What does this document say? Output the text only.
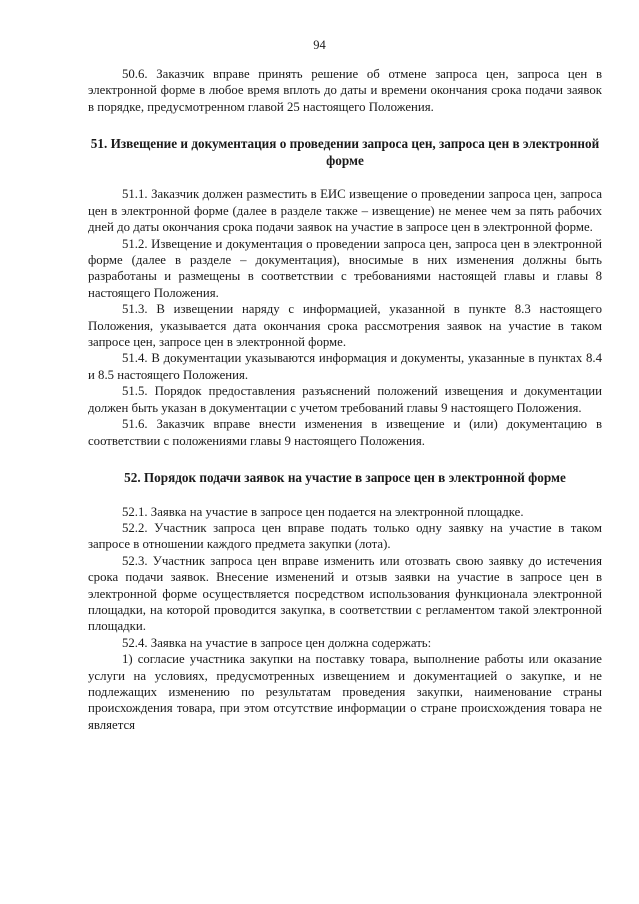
94

50.6. Заказчик вправе принять решение об отмене запроса цен, запроса цен в электронной форме в любое время вплоть до даты и времени окончания срока подачи заявок в порядке, предусмотренном главой 25 настоящего Положения.

51. Извещение и документация о проведении запроса цен, запроса цен в электронной форме

51.1. Заказчик должен разместить в ЕИС извещение о проведении запроса цен, запроса цен в электронной форме (далее в разделе также – извещение) не менее чем за пять рабочих дней до даты окончания срока подачи заявок на участие в запросе цен в электронной форме.

51.2. Извещение и документация о проведении запроса цен, запроса цен в электронной форме (далее в разделе – документация), вносимые в них изменения должны быть разработаны и размещены в соответствии с требованиями настоящей главы и главы 8 настоящего Положения.

51.3. В извещении наряду с информацией, указанной в пункте 8.3 настоящего Положения, указывается дата окончания срока рассмотрения заявок на участие в таком запросе цен, запросе цен в электронной форме.

51.4. В документации указываются информация и документы, указанные в пунктах 8.4 и 8.5 настоящего Положения.

51.5. Порядок предоставления разъяснений положений извещения и документации должен быть указан в документации с учетом требований главы 9 настоящего Положения.

51.6. Заказчик вправе внести изменения в извещение и (или) документацию в соответствии с положениями главы 9 настоящего Положения.

52. Порядок подачи заявок на участие в запросе цен в электронной форме

52.1. Заявка на участие в запросе цен подается на электронной площадке.

52.2. Участник запроса цен вправе подать только одну заявку на участие в таком запросе в отношении каждого предмета закупки (лота).

52.3. Участник запроса цен вправе изменить или отозвать свою заявку до истечения срока подачи заявок. Внесение изменений и отзыв заявки на участие в запросе цен в электронной форме осуществляется посредством использования функционала электронной площадки, на которой проводится закупка, в соответствии с регламентом такой электронной площадки.

52.4. Заявка на участие в запросе цен должна содержать:

1) согласие участника закупки на поставку товара, выполнение работы или оказание услуги на условиях, предусмотренных извещением и документацией о закупке, и не подлежащих изменению по результатам проведения закупки, наименование страны происхождения товара, при этом отсутствие информации о стране происхождения товара не является
